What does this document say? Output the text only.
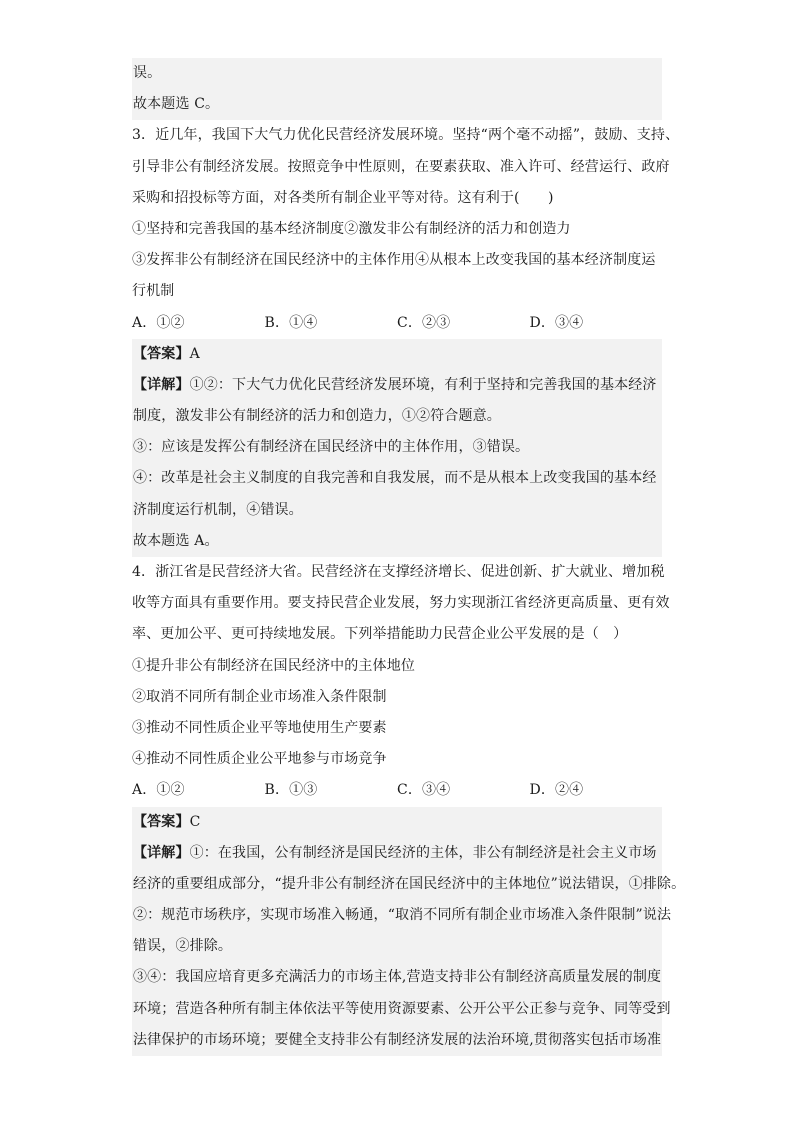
误。
故本题选 C。
3．近几年，我国下大气力优化民营经济发展环境。坚持“两个毫不动摇”，鼓励、支持、
引导非公有制经济发展。按照竞争中性原则，在要素获取、准入许可、经营运行、政府
采购和招投标等方面，对各类所有制企业平等对待。这有利于(　　)
①坚持和完善我国的基本经济制度②激发非公有制经济的活力和创造力
③发挥非公有制经济在国民经济中的主体作用④从根本上改变我国的基本经济制度运
行机制
A．①②	B．①④	C．②③	D．③④
【答案】A
【详解】①②：下大气力优化民营经济发展环境，有利于坚持和完善我国的基本经济
制度，激发非公有制经济的活力和创造力，①②符合题意。
③：应该是发挥公有制经济在国民经济中的主体作用，③错误。
④：改革是社会主义制度的自我完善和自我发展，而不是从根本上改变我国的基本经
济制度运行机制，④错误。
故本题选 A。
4．浙江省是民营经济大省。民营经济在支撑经济增长、促进创新、扩大就业、增加税
收等方面具有重要作用。要支持民营企业发展，努力实现浙江省经济更高质量、更有效
率、更加公平、更可持续地发展。下列举措能助力民营企业公平发展的是（　）
①提升非公有制经济在国民经济中的主体地位
②取消不同所有制企业市场准入条件限制
③推动不同性质企业平等地使用生产要素
④推动不同性质企业公平地参与市场竞争
A．①②	B．①③	C．③④	D．②④
【答案】C
【详解】①：在我国，公有制经济是国民经济的主体，非公有制经济是社会主义市场
经济的重要组成部分，“提升非公有制经济在国民经济中的主体地位”说法错误，①排除。
②：规范市场秩序，实现市场准入畅通，“取消不同所有制企业市场准入条件限制”说法
错误，②排除。
③④：我国应培育更多充满活力的市场主体,营造支持非公有制经济高质量发展的制度
环境；营造各种所有制主体依法平等使用资源要素、公开公平公正参与竞争、同等受到
法律保护的市场环境；要健全支持非公有制经济发展的法治环境,贯彻落实包括市场准
